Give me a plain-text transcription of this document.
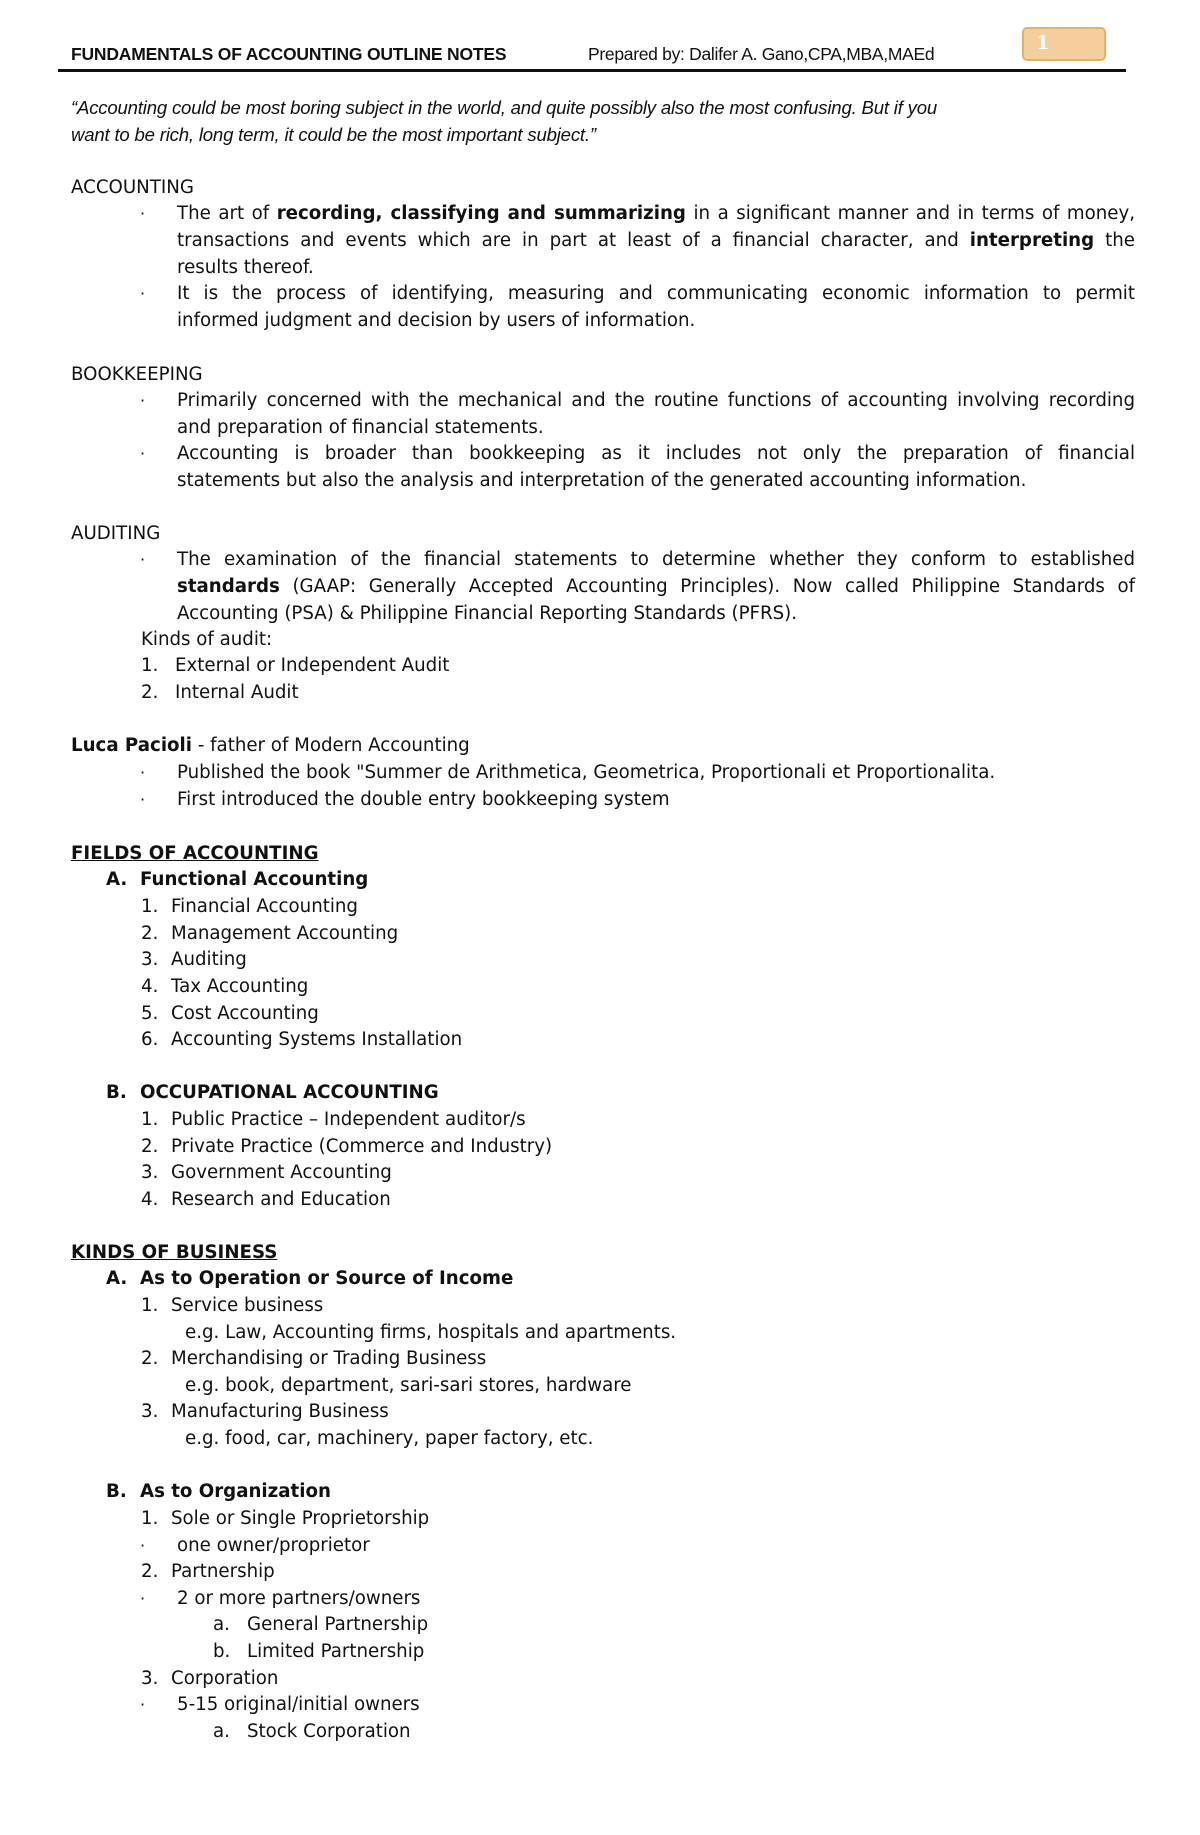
FUNDAMENTALS OF ACCOUNTING OUTLINE NOTES	Prepared by: Dalifer A. Gano,CPA,MBA,MAEd	1
“Accounting could be most boring subject in the world, and quite possibly also the most confusing. But if you
want to be rich, long term, it could be the most important subject.”
ACCOUNTING
· The art of recording, classifying and summarizing in a significant manner and in terms of money,
transactions and events which are in part at least of a financial character, and interpreting the
results thereof.
· It is the process of identifying, measuring and communicating economic information to permit
informed judgment and decision by users of information.
BOOKKEEPING
· Primarily concerned with the mechanical and the routine functions of accounting involving recording
and preparation of financial statements.
· Accounting is broader than bookkeeping as it includes not only the preparation of financial
statements but also the analysis and interpretation of the generated accounting information.
AUDITING
· The examination of the financial statements to determine whether they conform to established
standards (GAAP: Generally Accepted Accounting Principles). Now called Philippine Standards of
Accounting (PSA) & Philippine Financial Reporting Standards (PFRS).
Kinds of audit:
1. External or Independent Audit
2. Internal Audit
Luca Pacioli - father of Modern Accounting
· Published the book "Summer de Arithmetica, Geometrica, Proportionali et Proportionalita.
· First introduced the double entry bookkeeping system
FIELDS OF ACCOUNTING
A. Functional Accounting
1. Financial Accounting
2. Management Accounting
3. Auditing
4. Tax Accounting
5. Cost Accounting
6. Accounting Systems Installation
B. OCCUPATIONAL ACCOUNTING
1. Public Practice – Independent auditor/s
2. Private Practice (Commerce and Industry)
3. Government Accounting
4. Research and Education
KINDS OF BUSINESS
A. As to Operation or Source of Income
1. Service business
e.g. Law, Accounting firms, hospitals and apartments.
2. Merchandising or Trading Business
e.g. book, department, sari-sari stores, hardware
3. Manufacturing Business
e.g. food, car, machinery, paper factory, etc.
B. As to Organization
1. Sole or Single Proprietorship
· one owner/proprietor
2. Partnership
· 2 or more partners/owners
a. General Partnership
b. Limited Partnership
3. Corporation
· 5-15 original/initial owners
a. Stock Corporation
